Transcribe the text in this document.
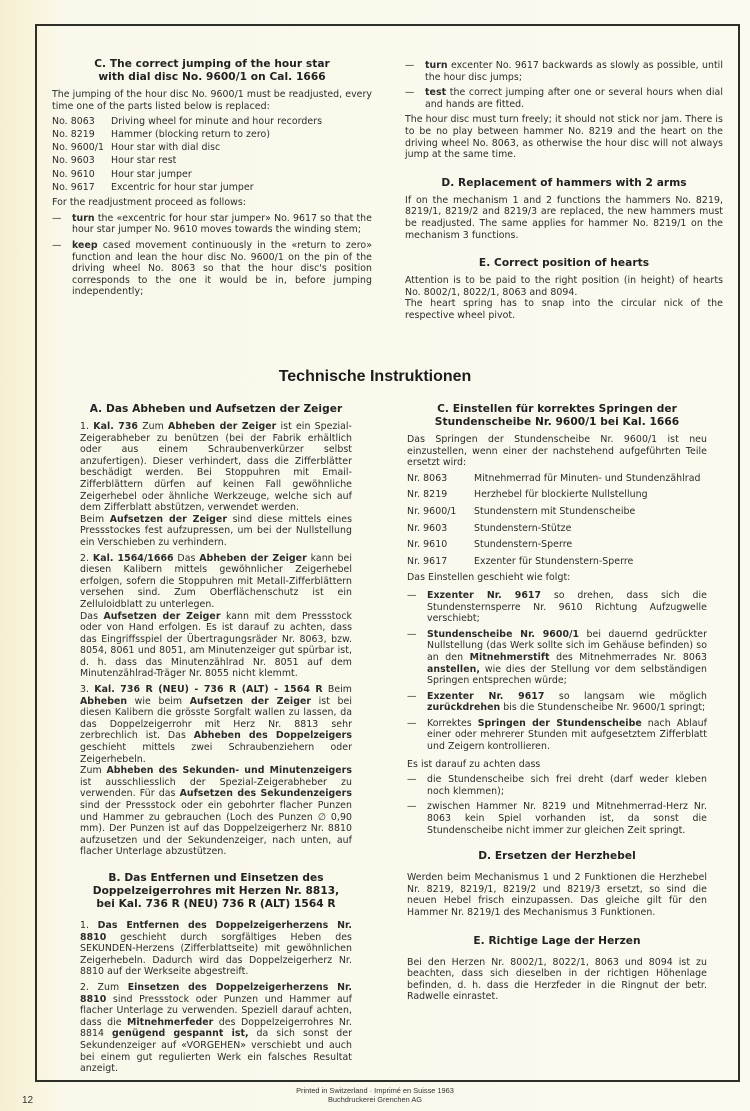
C. The correct jumping of the hour star with dial disc No. 9600/1 on Cal. 1666

The jumping of the hour disc No. 9600/1 must be readjusted, every time one of the parts listed below is replaced:

No. 8063	Driving wheel for minute and hour recorders
No. 8219	Hammer (blocking return to zero)
No. 9600/1 Hour star with dial disc
No. 9603	Hour star rest
No. 9610	Hour star jumper
No. 9617	Excentric for hour star jumper

For the readjustment proceed as follows:

—	turn the «excentric for hour star jumper» No. 9617 so that the hour star jumper No. 9610 moves towards the winding stem;
—	keep cased movement continuously in the «return to zero» function and lean the hour disc No. 9600/1 on the pin of the driving wheel No. 8063 so that the hour disc's position corresponds to the one it would be in, before jumping independently;
—	turn excenter No. 9617 backwards as slowly as possible, until the hour disc jumps;
—	test the correct jumping after one or several hours when dial and hands are fitted.

The hour disc must turn freely; it should not stick nor jam. There is to be no play between hammer No. 8219 and the heart on the driving wheel No. 8063, as otherwise the hour disc will not always jump at the same time.

D. Replacement of hammers with 2 arms

If on the mechanism 1 and 2 functions the hammers No. 8219, 8219/1, 8219/2 and 8219/3 are replaced, the new hammers must be readjusted. The same applies for hammer No. 8219/1 on the mechanism 3 functions.

E. Correct position of hearts

Attention is to be paid to the right position (in height) of hearts No. 8002/1, 8022/1, 8063 and 8094.

The heart spring has to snap into the circular nick of the respective wheel pivot.

Technische Instruktionen
A. Das Abheben und Aufsetzen der Zeiger

1. Kal. 736 Zum Abheben der Zeiger ist ein Spezial-Zeigerabheber zu benützen (bei der Fabrik erhältlich oder aus einem Schraubenverkürzer selbst anzufertigen). Dieser verhindert, dass die Zifferblätter beschädigt werden. Bei Stoppuhren mit Email-Zifferblättern dürfen auf keinen Fall gewöhnliche Zeigerhebel oder ähnliche Werkzeuge, welche sich auf dem Zifferblatt abstützen, verwendet werden.

Beim Aufsetzen der Zeiger sind diese mittels eines Pressstockes fest aufzupressen, um bei der Nullstellung ein Verschieben zu verhindern.

2. Kal. 1564/1666 Das Abheben der Zeiger kann bei diesen Kalibern mittels gewöhnlicher Zeigerhebel erfolgen, sofern die Stoppuhren mit Metall-Zifferblättern versehen sind. Zum Oberflächenschutz ist ein Zelluloidblatt zu unterlegen.

Das Aufsetzen der Zeiger kann mit dem Pressstock oder von Hand erfolgen. Es ist darauf zu achten, dass das Eingriffsspiel der Übertragungsräder Nr. 8063, bzw. 8054, 8061 und 8051, am Minutenzeiger gut spürbar ist, d. h. dass das Minutenzählrad Nr. 8051 auf dem Minutenzählrad-Träger Nr. 8055 nicht klemmt.

3. Kal. 736 R (NEU) - 736 R (ALT) - 1564 R Beim Abheben wie beim Aufsetzen der Zeiger ist bei diesen Kalibern die grösste Sorgfalt wallen zu lassen, da das Doppelzeigerrohr mit Herz Nr. 8813 sehr zerbrechlich ist. Das Abheben des Doppelzeigers geschieht mittels zwei Schraubenziehern oder Zeigerhebeln.

Zum Abheben des Sekunden- und Minutenzeigers ist ausschliesslich der Spezial-Zeigerabheber zu verwenden. Für das Aufsetzen des Sekundenzeigers sind der Pressstock oder ein gebohrter flacher Punzen und Hammer zu gebrauchen (Loch des Punzen ∅ 0,90 mm). Der Punzen ist auf das Doppelzeigerherz Nr. 8810 aufzusetzen und der Sekundenzeiger, nach unten, auf flacher Unterlage abzustützen.

B. Das Entfernen und Einsetzen des Doppelzeigerrohres mit Herzen Nr. 8813, bei Kal. 736 R (NEU) 736 R (ALT) 1564 R

1. Das Entfernen des Doppelzeigerherzens Nr. 8810 geschieht durch sorgfältiges Heben des SEKUNDEN-Herzens (Zifferblattseite) mit gewöhnlichen Zeigerhebeln. Dadurch wird das Doppelzeigerherz Nr. 8810 auf der Werkseite abgestreift.

2. Zum Einsetzen des Doppelzeigerherzens Nr. 8810 sind Pressstock oder Punzen und Hammer auf flacher Unterlage zu verwenden. Speziell darauf achten, dass die Mitnehmerfeder des Doppelzeigerrohres Nr. 8814 genügend gespannt ist, da sich sonst der Sekundenzeiger auf «VORGEHEN» verschiebt und auch bei einem gut regulierten Werk ein falsches Resultat anzeigt.

C. Einstellen für korrektes Springen der Stundenscheibe Nr. 9600/1 bei Kal. 1666

Das Springen der Stundenscheibe Nr. 9600/1 ist neu einzustellen, wenn einer der nachstehend aufgeführten Teile ersetzt wird:

Nr. 8063	Mitnehmerrad für Minuten- und Stundenzählrad
Nr. 8219	Herzhebel für blockierte Nullstellung
Nr. 9600/1	Stundenstern mit Stundenscheibe
Nr. 9603	Stundenstern-Stütze
Nr. 9610	Stundenstern-Sperre
Nr. 9617	Exzenter für Stundenstern-Sperre

Das Einstellen geschieht wie folgt:

—	Exzenter Nr. 9617 so drehen, dass sich die Stundensternsperre Nr. 9610 Richtung Aufzugwelle verschiebt;
—	Stundenscheibe Nr. 9600/1 bei dauernd gedrückter Nullstellung (das Werk sollte sich im Gehäuse befinden) so an den Mitnehmerstift des Mitnehmerrades Nr. 8063 anstellen, wie dies der Stellung vor dem selbständigen Springen entsprechen würde;
—	Exzenter Nr. 9617 so langsam wie möglich zurückdrehen bis die Stundenscheibe Nr. 9600/1 springt;
—	Korrektes Springen der Stundenscheibe nach Ablauf einer oder mehrerer Stunden mit aufgesetztem Zifferblatt und Zeigern kontrollieren.

Es ist darauf zu achten dass

—	die Stundenscheibe sich frei dreht (darf weder kleben noch klemmen);
—	zwischen Hammer Nr. 8219 und Mitnehmerrad-Herz Nr. 8063 kein Spiel vorhanden ist, da sonst die Stundenscheibe nicht immer zur gleichen Zeit springt.
D. Ersetzen der Herzhebel

Werden beim Mechanismus 1 und 2 Funktionen die Herzhebel Nr. 8219, 8219/1, 8219/2 und 8219/3 ersetzt, so sind die neuen Hebel frisch einzupassen. Das gleiche gilt für den Hammer Nr. 8219/1 des Mechanismus 3 Funktionen.

E. Richtige Lage der Herzen

Bei den Herzen Nr. 8002/1, 8022/1, 8063 und 8094 ist zu beachten, dass sich dieselben in der richtigen Höhenlage befinden, d. h. dass die Herzfeder in die Ringnut der betr. Radwelle einrastet.

Printed in Switzerland · Imprimé en Suisse 1963
Buchdruckerei Grenchen AG
12
